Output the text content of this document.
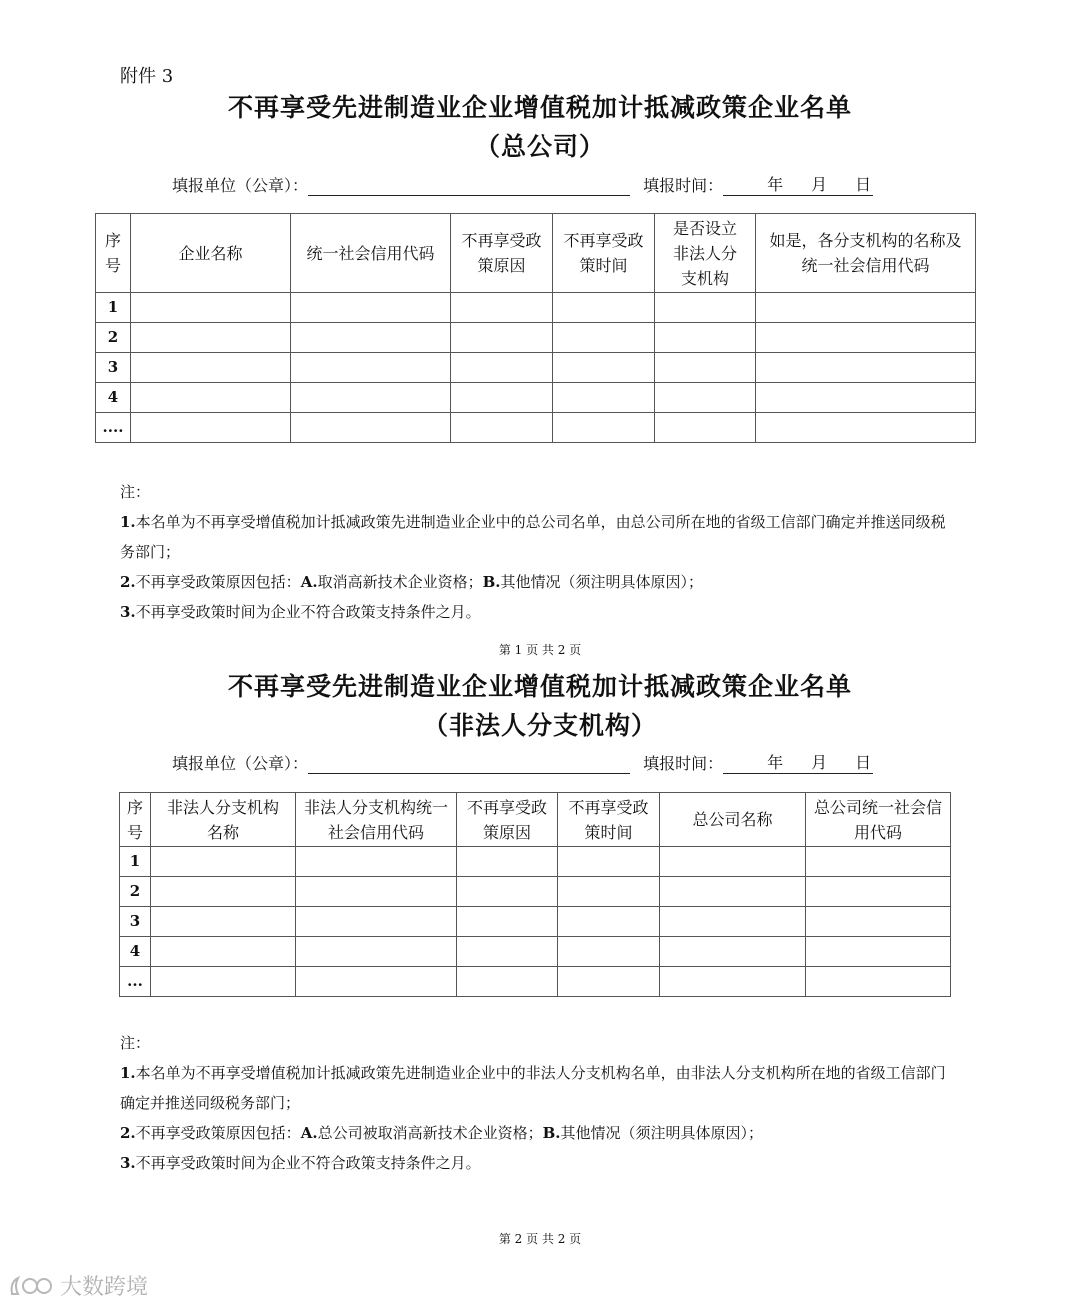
附件 3
不再享受先进制造业企业增值税加计抵减政策企业名单
（总公司）
填报单位（公章）：	填报时间：	年 月 日
序号	企业名称	统一社会信用代码	不再享受政策原因	不再享受政策时间	是否设立非法人分支机构	如是，各分支机构的名称及统一社会信用代码
1						
2						
3						
4						
....						
注：
1.本名单为不再享受增值税加计抵减政策先进制造业企业中的总公司名单，由总公司所在地的省级工信部门确定并推送同级税务部门；
2.不再享受政策原因包括：A.取消高新技术企业资格；B.其他情况（须注明具体原因）；
3.不再享受政策时间为企业不符合政策支持条件之月。
第 1 页 共 2 页
不再享受先进制造业企业增值税加计抵减政策企业名单
（非法人分支机构）
填报单位（公章）：	填报时间：	年 月 日
序号	非法人分支机构名称	非法人分支机构统一社会信用代码	不再享受政策原因	不再享受政策时间	总公司名称	总公司统一社会信用代码
1						
2						
3						
4						
...						
注：
1.本名单为不再享受增值税加计抵减政策先进制造业企业中的非法人分支机构名单，由非法人分支机构所在地的省级工信部门确定并推送同级税务部门；
2.不再享受政策原因包括：A.总公司被取消高新技术企业资格；B.其他情况（须注明具体原因）；
3.不再享受政策时间为企业不符合政策支持条件之月。
第 2 页 共 2 页
大数跨境
